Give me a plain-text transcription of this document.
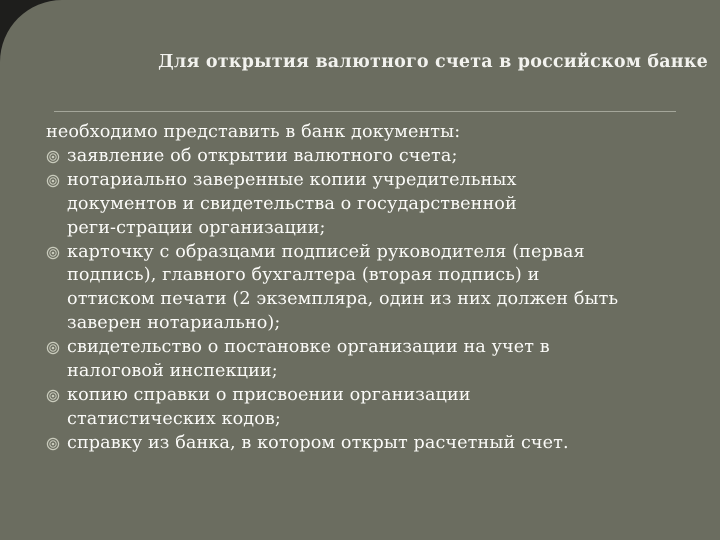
Для открытия валютного счета в российском банке

необходимо представить в банк документы:

заявление об открытии валютного счета;
нотариально заверенные копии учредительных
документов и свидетельства о государственной
реги-страции организации;
карточку с образцами подписей руководителя (первая
подпись), главного бухгалтера (вторая подпись) и
оттиском печати (2 экземпляра, один из них должен быть
заверен нотариально);
свидетельство о постановке организации на учет в
налоговой инспекции;
копию справки о присвоении организации
статистических кодов;
справку из банка, в котором открыт расчетный счет.
